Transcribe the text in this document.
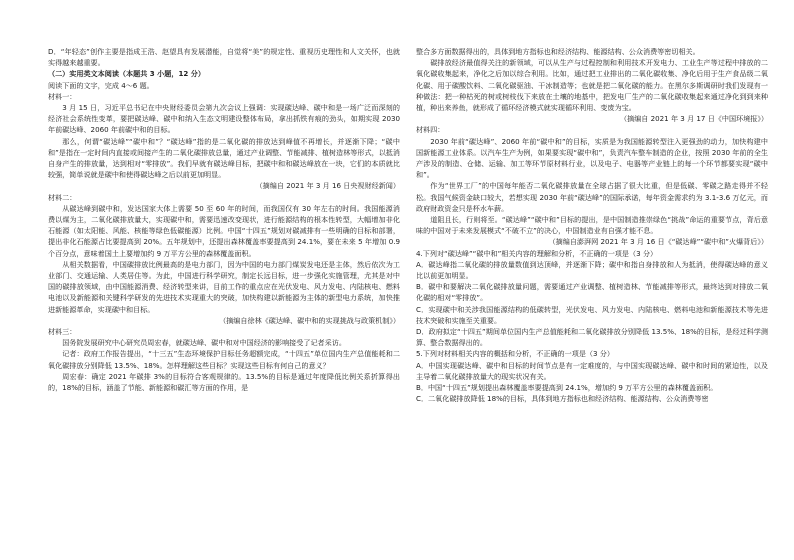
D．“年轻态”创作主要是指成王浩、赵望具有发展潜能，自觉将“美”的规定性、重视历史理性和人文关怀，也就实得越来越重要。

（二）实用类文本阅读（本题共 3 小题，12 分）

阅读下面的文字，完成 4～6 题。

材料一：

3 月 15 日，习近平总书记在中央财经委员会第九次会议上强调：实现碳达峰、碳中和是一场广泛而深刻的经济社会系统性变革，要把碳达峰、碳中和纳入生态文明建设整体布局，拿出抓铁有痕的劲头，如期实现 2030 年前碳达峰、2060 年前碳中和的目标。

那么，何谓“碳达峰”“碳中和”？“碳达峰”指的是二氧化碳的排放达到峰值不再增长，并逐渐下降；“碳中和”是指在一定时间内直接或间接产生的二氧化碳排放总量，通过产业调整、节能减排、植树造林等形式，以抵消自身产生的排放量，达到相对“零排放”。我们早就有碳达峰目标，把碳中和和碳达峰放在一块，它们的本质就比较强，简单说就是碳中和使得碳达峰之后以前更加明显。

（摘编自 2021 年 3 月 16 日央视财经新闻）

材料二：

从碳达峰到碳中和，发达国家大体上需要 50 至 60 年的时间，而我国仅有 30 年左右的时间。我国能源消费以煤为主，二氧化碳排放量大，实现碳中和，需要迅速改变现状，进行能源结构的根本性转型，大幅增加非化石能源（如太阳能、风能、核能等绿色低碳能源）比例。中国“十四五”规划对碳减排有一些明确的目标和部署，提出非化石能源占比要提高到 20%。五年规划中，还提出森林覆盖率要提高到 24.1%，要在未来 5 年增加 0.9 个百分点，意味着国土上要增加约 9 万平方公里的森林覆盖面积。

从相关数据看，中国碳排放比例最高的是电力部门，因为中国的电力部门煤炭发电还是主体，然后依次为工业部门、交通运输、人类居住等。为此，中国进行科学研究，制定长远目标，进一步强化实施管理，尤其是对中国的碳排放领域，由中国能源消费、经济转型来讲，目前工作的重点应在光伏发电、风力发电、内陆核电、燃料电池以及新能源和关键科学研发的先进技术实现重大的突破，加快构建以新能源为主体的新型电力系统，加快推进新能源革命，实现碳中和目标。

（摘编自徐林《碳达峰、碳中和的实现挑战与政策机制》）

材料三：

国务院发展研究中心研究员周宏春，就碳达峰、碳中和对中国经济的影响接受了记者采访。

记者：政府工作报告提出，“十三五”生态环境保护目标任务超额完成，“十四五”单位国内生产总值能耗和二氧化碳排放分别降低 13.5%、18%。怎样理解这些目标？实现这些目标有何自己的意义？

周宏春：确定 2021 年碳排 3%的目标符合客观规律的。13.5%的目标是通过年度降低比例关系折算得出的，18%的目标，涵盖了节能、新能源和碳汇等方面的作用，是

整合多方面数据得出的，具体到地方指标也和经济结构、能源结构、公众消费等密切相关。

碳排放经济最值得关注的新领域，可以从生产与过程控制和利用技术开发电力、工业生产等过程中排放的二氧化碳收集起来，净化之后加以综合利用。比如，通过把工业排出的二氧化碳收集、净化后用于生产食品级二氧化碳、用于碳酸饮料、二氧化碳驱油、干冰制造等；也就是把二氧化碳的能力。在黑尔多斯调研时我们发现有一种做法：把一种枯死的树或树枝伐下来放在土壤的地基中，把发电厂生产的二氧化碳收集起来通过净化到到来种植，种出来养鱼，就形成了循环经济模式就实现循环利用、变废为宝。

（摘编自 2021 年 3 月 17 日《中国环境报》）

材料四：

2030 年前“碳达峰”、2060 年前“碳中和”的目标，实质是为我国能源转型注入更强劲的动力，加快构建中国新能源工业体系。以汽车生产为例，如果要实现“碳中和”，负责汽车整车制造的企业，按照 2030 年前的全生产涉及的制造、仓储、运输、加工等环节原材料行业，以及电子、电器等产业链上的每一个环节都要实现“碳中和”。

作为“世界工厂”的中国每年能否二氧化碳排放量在全球占据了很大比重，但是低碳、零碳之路走得并不轻松。我国气候资金缺口较大，若想实现 2030 年前“碳达峰”的国际承诺，每年资金需求约为 3.1-3.6 万亿元，而政府财政资金只是杯水车薪。

道阻且长，行则将至。“碳达峰”“碳中和”目标的提出，是中国制造推崇绿色“挑战”命运的重要节点，背后意味的中国对于未来发展模式“不破不立”的决心，中国制造业有自强才能不息。

（摘编自澎湃网 2021 年 3 月 16 日《“碳达峰”“碳中和”火爆背后》）

4.下列对“碳达峰”“碳中和”相关内容的理解和分析，不正确的一项是（3 分）

A．碳达峰指二氧化碳的排放量数值到达顶峰，并逐渐下降；碳中和指自身排放和人为抵消，使得碳达峰的意义比以前更加明显。

B．碳中和要解决二氧化碳排放量问题，需要通过产业调整、植树造林、节能减排等形式，最终达到对排放二氧化碳的相对“零排放”。

C．实现碳中和关涉我国能源结构的低碳转型，光伏发电、风力发电、内陆核电、燃料电池和新能源技术等先进技术突破和实施至关重要。

D．政府拟定“十四五”期间单位国内生产总值能耗和二氧化碳排放分别降低 13.5%、18%的目标，是经过科学测算、整合数据得出的。

5.下列对材料相关内容的概括和分析，不正确的一项是（3 分）

A．中国实现碳达峰、碳中和目标的时间节点是有一定难度的，与中国实现碳达峰、碳中和时间的紧迫性，以及主导着二氧化碳排放量大的现实状况有关。

B．中国“十四五”规划提出森林覆盖率要提高到 24.1%，增加约 9 万平方公里的森林覆盖面积。

C．二氧化碳排放降低 18%的目标，具体到地方指标也和经济结构、能源结构、公众消费等密
